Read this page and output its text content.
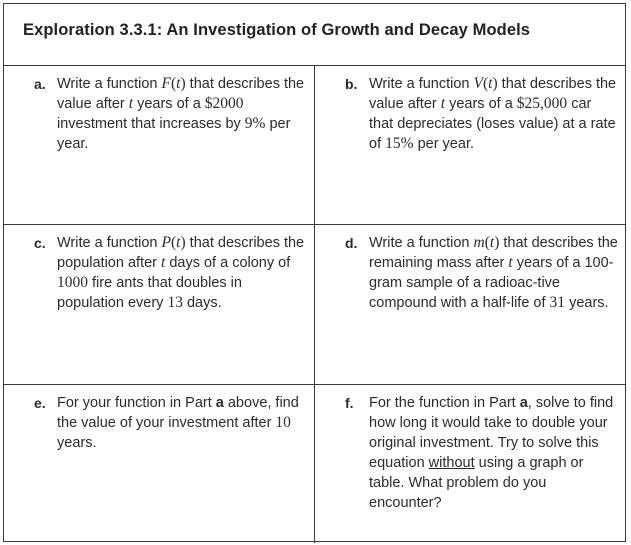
Exploration 3.3.1: An Investigation of Growth and Decay Models
a. Write a function F(t) that describes the value after t years of a $2000 investment that increases by 9% per year.
b. Write a function V(t) that describes the value after t years of a $25,000 car that depreciates (loses value) at a rate of 15% per year.
c. Write a function P(t) that describes the population after t days of a colony of 1000 fire ants that doubles in population every 13 days.
d. Write a function m(t) that describes the remaining mass after t years of a 100-gram sample of a radioac-tive compound with a half-life of 31 years.
e. For your function in Part a above, find the value of your investment after 10 years.
f.	For the function in Part a, solve to find how long it would take to double your original investment. Try to solve this equation without using a graph or table. What problem do you encounter?
